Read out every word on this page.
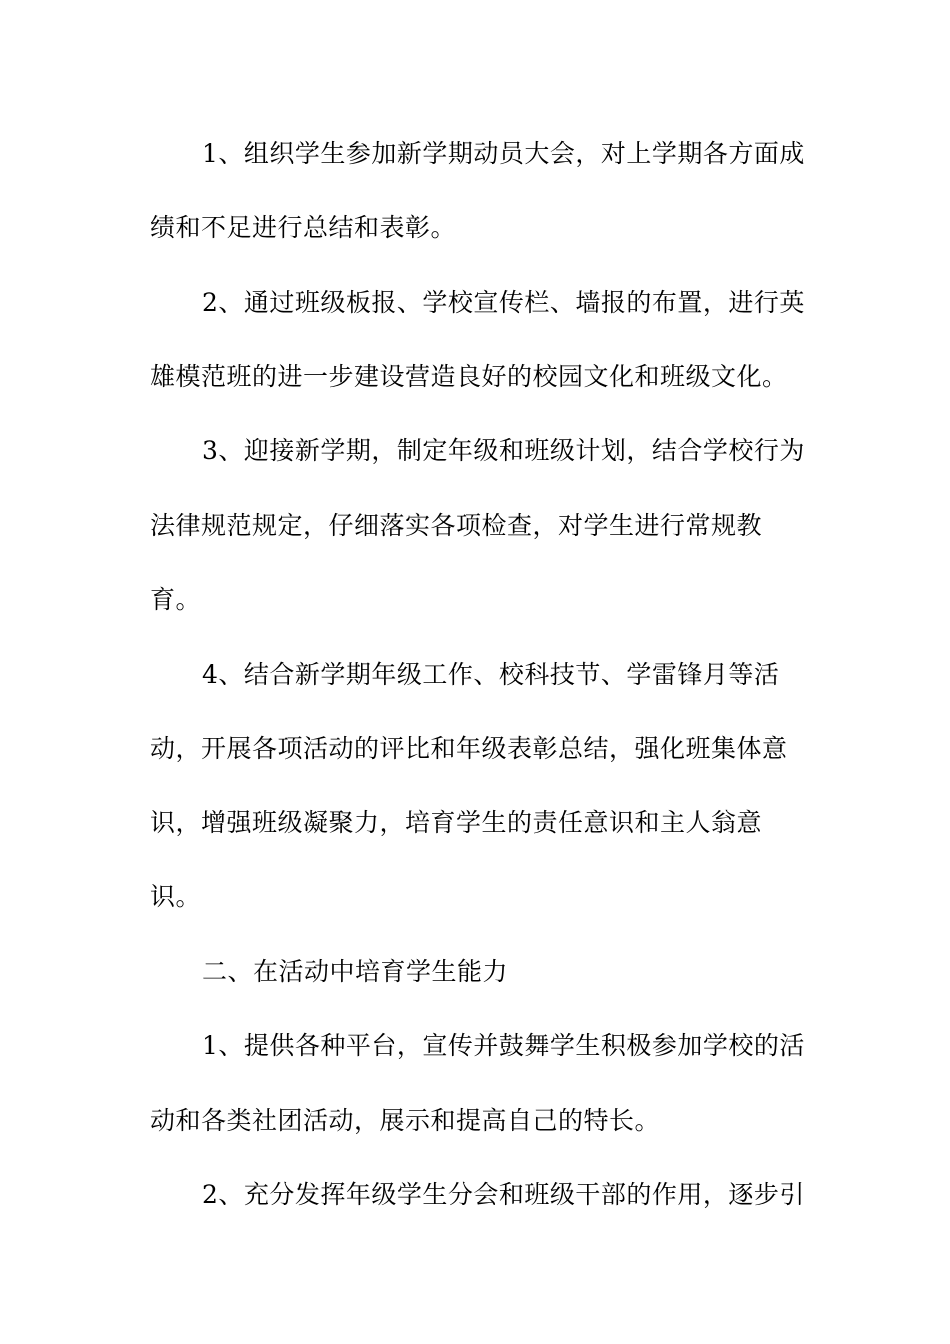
1、组织学生参加新学期动员大会，对上学期各方面成
绩和不足进行总结和表彰。
2、通过班级板报、学校宣传栏、墙报的布置，进行英
雄模范班的进一步建设营造良好的校园文化和班级文化。
3、迎接新学期，制定年级和班级计划，结合学校行为
法律规范规定，仔细落实各项检查，对学生进行常规教
育。
4、结合新学期年级工作、校科技节、学雷锋月等活
动，开展各项活动的评比和年级表彰总结，强化班集体意
识，增强班级凝聚力，培育学生的责任意识和主人翁意
识。
二、在活动中培育学生能力
1、提供各种平台，宣传并鼓舞学生积极参加学校的活
动和各类社团活动，展示和提高自己的特长。
2、充分发挥年级学生分会和班级干部的作用，逐步引
